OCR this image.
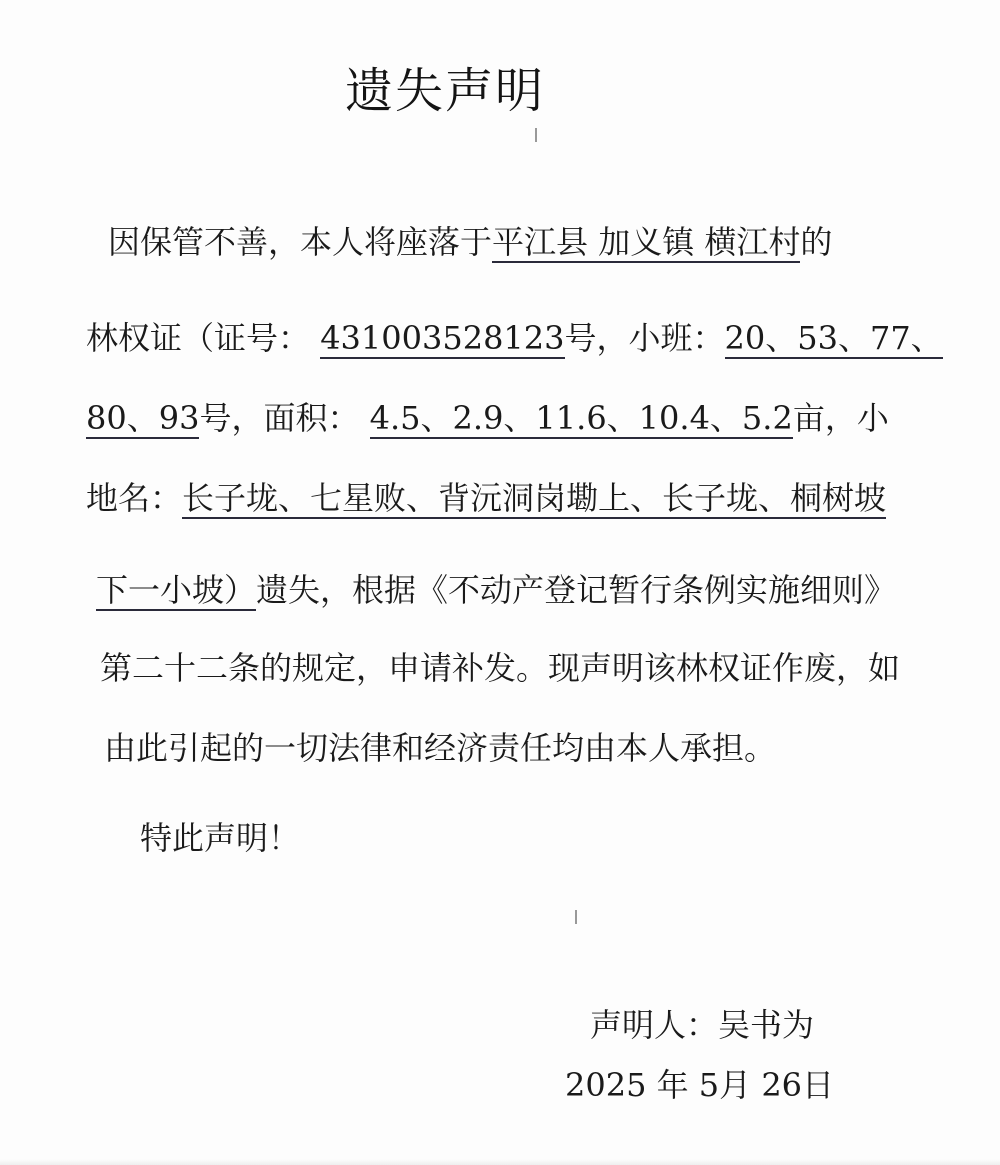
遗失声明
因保管不善，本人将座落于平江县 加义镇 横江村的
林权证（证号： 431003528123号，小班：20、53、77、
80、93号，面积： 4.5、2.9、11.6、10.4、5.2亩，小
地名：长子垅、七星败、背沅洞岗墈上、长子垅、桐树坡
下一小坡）遗失，根据《不动产登记暂行条例实施细则》
第二十二条的规定，申请补发。现声明该林权证作废，如
由此引起的一切法律和经济责任均由本人承担。
特此声明！
声明人：吴书为
2025 年 5月 26日
